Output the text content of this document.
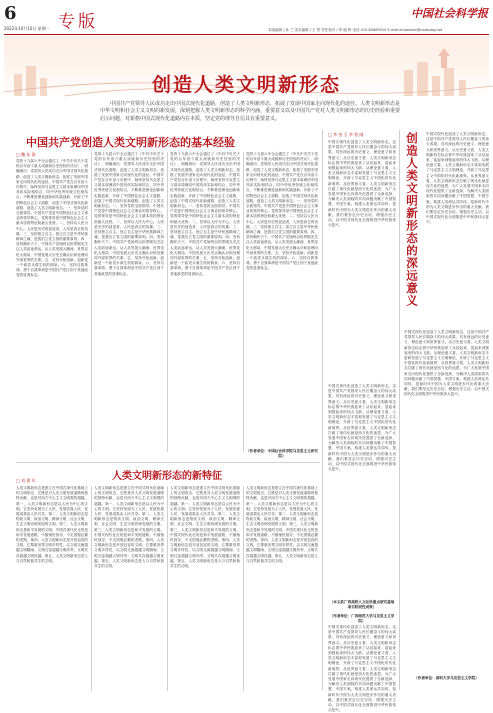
6
2022年10月10日 星期一 专版	中国社会科学报
本版编辑 / 孙 兰 美术编辑 / 王 菁 责任校对 / 李 晓 晖 电话 010-85885510 E-mail:zhuanban@csstoday.net
创造人类文明新形态
中国共产党领导人民成功走出中国式现代化道路，创造了人类文明新形态，拓展了发展中国家走向现代化的途径。人类文明新形态是中华文明和社会主义文明的新发展，深刻把握人类文明新形态的科学内涵，重要意义以及中国共产党对人类文明新形态的历史经验和重要启示问题，对新格中国式现代化道路内在本质，坚定党的理导自信具有重要意义。
中国共产党创造人类文明新形态的基本经验
□ 魏 从 淮
党的十九届六中全会通过了《中共中央关于党的百年奋斗重大成就和历史经验的决议》，明确指出：党领导人民成功走出中国式现代化道路，创造了人类文明新形态，拓展了发展中国家走向现代化的途径。中国共产党在百年奋斗历程中，始终坚持马克思主义基本原理同中国具体实际相结合、同中华优秀传统文化相结合，不断推进理论创新和实践创新，开辟了中国特色社会主义道路，创造了中国式现代化新道路，创造了人类文明新形态。一、坚持党的全面领导。中国共产党是中国特色社会主义事业的领导核心，党的领导是中国特色社会主义最本质的特征和最大优势。二、坚持以人民为中心。人民是历史的创造者，人民是真正的英雄。三、坚持独立自主。独立自主是中华民族精神之魂，是我们立党立国的重要原则。四、坚持胸怀天下。中国共产党始终以世界眼光关注人类前途命运，从人类发展大潮流、世界变化大格局、中国发展大历史正确认识和处理同外部世界的关系。五、坚持开拓创新。创新是一个政党永葆生机的源泉。六、坚持自我革命。勇于自我革命是中国共产党区别于其他政党的显著标志。
党的十九届六中全会通过了《中共中央关于党的百年奋斗重大成就和历史经验的决议》，明确指出：党领导人民成功走出中国式现代化道路，创造了人类文明新形态，拓展了发展中国家走向现代化的途径。中国共产党在百年奋斗历程中，始终坚持马克思主义基本原理同中国具体实际相结合、同中华优秀传统文化相结合，不断推进理论创新和实践创新，开辟了中国特色社会主义道路，创造了中国式现代化新道路，创造了人类文明新形态。一、坚持党的全面领导。中国共产党是中国特色社会主义事业的领导核心，党的领导是中国特色社会主义最本质的特征和最大优势。二、坚持以人民为中心。人民是历史的创造者，人民是真正的英雄。三、坚持独立自主。独立自主是中华民族精神之魂，是我们立党立国的重要原则。四、坚持胸怀天下。中国共产党始终以世界眼光关注人类前途命运，从人类发展大潮流、世界变化大格局、中国发展大历史正确认识和处理同外部世界的关系。五、坚持开拓创新。创新是一个政党永葆生机的源泉。六、坚持自我革命。勇于自我革命是中国共产党区别于其他政党的显著标志。
党的十九届六中全会通过了《中共中央关于党的百年奋斗重大成就和历史经验的决议》，明确指出：党领导人民成功走出中国式现代化道路，创造了人类文明新形态，拓展了发展中国家走向现代化的途径。中国共产党在百年奋斗历程中，始终坚持马克思主义基本原理同中国具体实际相结合、同中华优秀传统文化相结合，不断推进理论创新和实践创新，开辟了中国特色社会主义道路，创造了中国式现代化新道路，创造了人类文明新形态。一、坚持党的全面领导。中国共产党是中国特色社会主义事业的领导核心，党的领导是中国特色社会主义最本质的特征和最大优势。二、坚持以人民为中心。人民是历史的创造者，人民是真正的英雄。三、坚持独立自主。独立自主是中华民族精神之魂，是我们立党立国的重要原则。四、坚持胸怀天下。中国共产党始终以世界眼光关注人类前途命运，从人类发展大潮流、世界变化大格局、中国发展大历史正确认识和处理同外部世界的关系。五、坚持开拓创新。创新是一个政党永葆生机的源泉。六、坚持自我革命。勇于自我革命是中国共产党区别于其他政党的显著标志。
党的十九届六中全会通过了《中共中央关于党的百年奋斗重大成就和历史经验的决议》，明确指出：党领导人民成功走出中国式现代化道路，创造了人类文明新形态，拓展了发展中国家走向现代化的途径。中国共产党在百年奋斗历程中，始终坚持马克思主义基本原理同中国具体实际相结合、同中华优秀传统文化相结合，不断推进理论创新和实践创新，开辟了中国特色社会主义道路，创造了中国式现代化新道路，创造了人类文明新形态。一、坚持党的全面领导。中国共产党是中国特色社会主义事业的领导核心，党的领导是中国特色社会主义最本质的特征和最大优势。二、坚持以人民为中心。人民是历史的创造者，人民是真正的英雄。三、坚持独立自主。独立自主是中华民族精神之魂，是我们立党立国的重要原则。四、坚持胸怀天下。中国共产党始终以世界眼光关注人类前途命运，从人类发展大潮流、世界变化大格局、中国发展大历史正确认识和处理同外部世界的关系。五、坚持开拓创新。创新是一个政党永葆生机的源泉。六、坚持自我革命。勇于自我革命是中国共产党区别于其他政党的显著标志。
（作者单位：中国社会科学院马克思主义研究院）
□ 刘 建 军	人类文明新形态的新特征
人类文明新形态是建立在中国式现代化基础上的文明形态，它既是对人类文明发展道路的独特贡献，也是对西方中心主义文明观的超越。第一，人类文明新形态是以人民为中心的文明。它坚持发展为了人民、发展依靠人民、发展成果由人民共享。第二，人类文明新形态是物质文明、政治文明、精神文明、社会文明、生态文明协调发展的文明。第三，人类文明新形态是和平发展的文明。中国式现代化走的是和平发展道路，不搞殖民掠夺，不走国强必霸的老路。第四，人类文明新形态是开放包容的文明。它尊重世界文明多样性，以文明交流超越文明隔阂、文明互鉴超越文明冲突、文明共存超越文明优越。第五，人类文明新形态是人与自然和谐共生的文明。
人类文明新形态是建立在中国式现代化基础上的文明形态，它既是对人类文明发展道路的独特贡献，也是对西方中心主义文明观的超越。第一，人类文明新形态是以人民为中心的文明。它坚持发展为了人民、发展依靠人民、发展成果由人民共享。第二，人类文明新形态是物质文明、政治文明、精神文明、社会文明、生态文明协调发展的文明。第三，人类文明新形态是和平发展的文明。中国式现代化走的是和平发展道路，不搞殖民掠夺，不走国强必霸的老路。第四，人类文明新形态是开放包容的文明。它尊重世界文明多样性，以文明交流超越文明隔阂、文明互鉴超越文明冲突、文明共存超越文明优越。第五，人类文明新形态是人与自然和谐共生的文明。
人类文明新形态是建立在中国式现代化基础上的文明形态，它既是对人类文明发展道路的独特贡献，也是对西方中心主义文明观的超越。第一，人类文明新形态是以人民为中心的文明。它坚持发展为了人民、发展依靠人民、发展成果由人民共享。第二，人类文明新形态是物质文明、政治文明、精神文明、社会文明、生态文明协调发展的文明。第三，人类文明新形态是和平发展的文明。中国式现代化走的是和平发展道路，不搞殖民掠夺，不走国强必霸的老路。第四，人类文明新形态是开放包容的文明。它尊重世界文明多样性，以文明交流超越文明隔阂、文明互鉴超越文明冲突、文明共存超越文明优越。第五，人类文明新形态是人与自然和谐共生的文明。
人类文明新形态是建立在中国式现代化基础上的文明形态，它既是对人类文明发展道路的独特贡献，也是对西方中心主义文明观的超越。第一，人类文明新形态是以人民为中心的文明。它坚持发展为了人民、发展依靠人民、发展成果由人民共享。第二，人类文明新形态是物质文明、政治文明、精神文明、社会文明、生态文明协调发展的文明。第三，人类文明新形态是和平发展的文明。中国式现代化走的是和平发展道路，不搞殖民掠夺，不走国强必霸的老路。第四，人类文明新形态是开放包容的文明。它尊重世界文明多样性，以文明交流超越文明隔阂、文明互鉴超越文明冲突、文明共存超越文明优越。第五，人类文明新形态是人与自然和谐共生的文明。
□ 李 金 玉 李 智 刚
中国式现代化创造了人类文明新形态，这是中国共产党领导人民长期奋斗的伟大成果，具有深远的历史意义、理论意义和世界意义。从历史意义看，人类文明新形态标志着中华民族迎来了从站起来、富起来到强起来的伟大飞跃。从理论意义看，人类文明新形态丰富和发展了马克思主义文明理论，开辟了马克思主义中国化时代化新境界。从世界意义看，人类文明新形态打破了现代化就是西方化的迷思，为广大发展中国家走向现代化提供了全新选择，为解决人类面临的共同问题贡献了中国智慧、中国方案。构建人类命运共同体，是新时代中国为人类文明进步作出的重大贡献。我们要坚定历史自信，增强历史主动，以中国式现代化全面推进中华民族伟大复兴。
中国式现代化创造了人类文明新形态，这是中国共产党领导人民长期奋斗的伟大成果，具有深远的历史意义、理论意义和世界意义。从历史意义看，人类文明新形态标志着中华民族迎来了从站起来、富起来到强起来的伟大飞跃。从理论意义看，人类文明新形态丰富和发展了马克思主义文明理论，开辟了马克思主义中国化时代化新境界。从世界意义看，人类文明新形态打破了现代化就是西方化的迷思，为广大发展中国家走向现代化提供了全新选择，为解决人类面临的共同问题贡献了中国智慧、中国方案。构建人类命运共同体，是新时代中国为人类文明进步作出的重大贡献。我们要坚定历史自信，增强历史主动，以中国式现代化全面推进中华民族伟大复兴。
（本文系广西高校人文社科重点研究基地项目阶段性成果）
（作者单位：广西师范大学马克思主义学院）
中国式现代化创造了人类文明新形态，这是中国共产党领导人民长期奋斗的伟大成果，具有深远的历史意义、理论意义和世界意义。从历史意义看，人类文明新形态标志着中华民族迎来了从站起来、富起来到强起来的伟大飞跃。从理论意义看，人类文明新形态丰富和发展了马克思主义文明理论，开辟了马克思主义中国化时代化新境界。从世界意义看，人类文明新形态打破了现代化就是西方化的迷思，为广大发展中国家走向现代化提供了全新选择，为解决人类面临的共同问题贡献了中国智慧、中国方案。构建人类命运共同体，是新时代中国为人类文明进步作出的重大贡献。我们要坚定历史自信，增强历史主动，以中国式现代化全面推进中华民族伟大复兴。
创造人类文明新形态的深远意义 中国式现代化创造了人类文明新形态，这是中国共产党领导人民长期奋斗的伟大成果，具有深远的历史意义、理论意义和世界意义。从历史意义看，人类文明新形态标志着中华民族迎来了从站起来、富起来到强起来的伟大飞跃。从理论意义看，人类文明新形态丰富和发展了马克思主义文明理论，开辟了马克思主义中国化时代化新境界。从世界意义看，人类文明新形态打破了现代化就是西方化的迷思，为广大发展中国家走向现代化提供了全新选择，为解决人类面临的共同问题贡献了中国智慧、中国方案。构建人类命运共同体，是新时代中国为人类文明进步作出的重大贡献。我们要坚定历史自信，增强历史主动，以中国式现代化全面推进中华民族伟大复兴。
中国式现代化创造了人类文明新形态，这是中国共产党领导人民长期奋斗的伟大成果，具有深远的历史意义、理论意义和世界意义。从历史意义看，人类文明新形态标志着中华民族迎来了从站起来、富起来到强起来的伟大飞跃。从理论意义看，人类文明新形态丰富和发展了马克思主义文明理论，开辟了马克思主义中国化时代化新境界。从世界意义看，人类文明新形态打破了现代化就是西方化的迷思，为广大发展中国家走向现代化提供了全新选择，为解决人类面临的共同问题贡献了中国智慧、中国方案。构建人类命运共同体，是新时代中国为人类文明进步作出的重大贡献。我们要坚定历史自信，增强历史主动，以中国式现代化全面推进中华民族伟大复兴。
（作者单位：深圳大学马克思主义学院）
